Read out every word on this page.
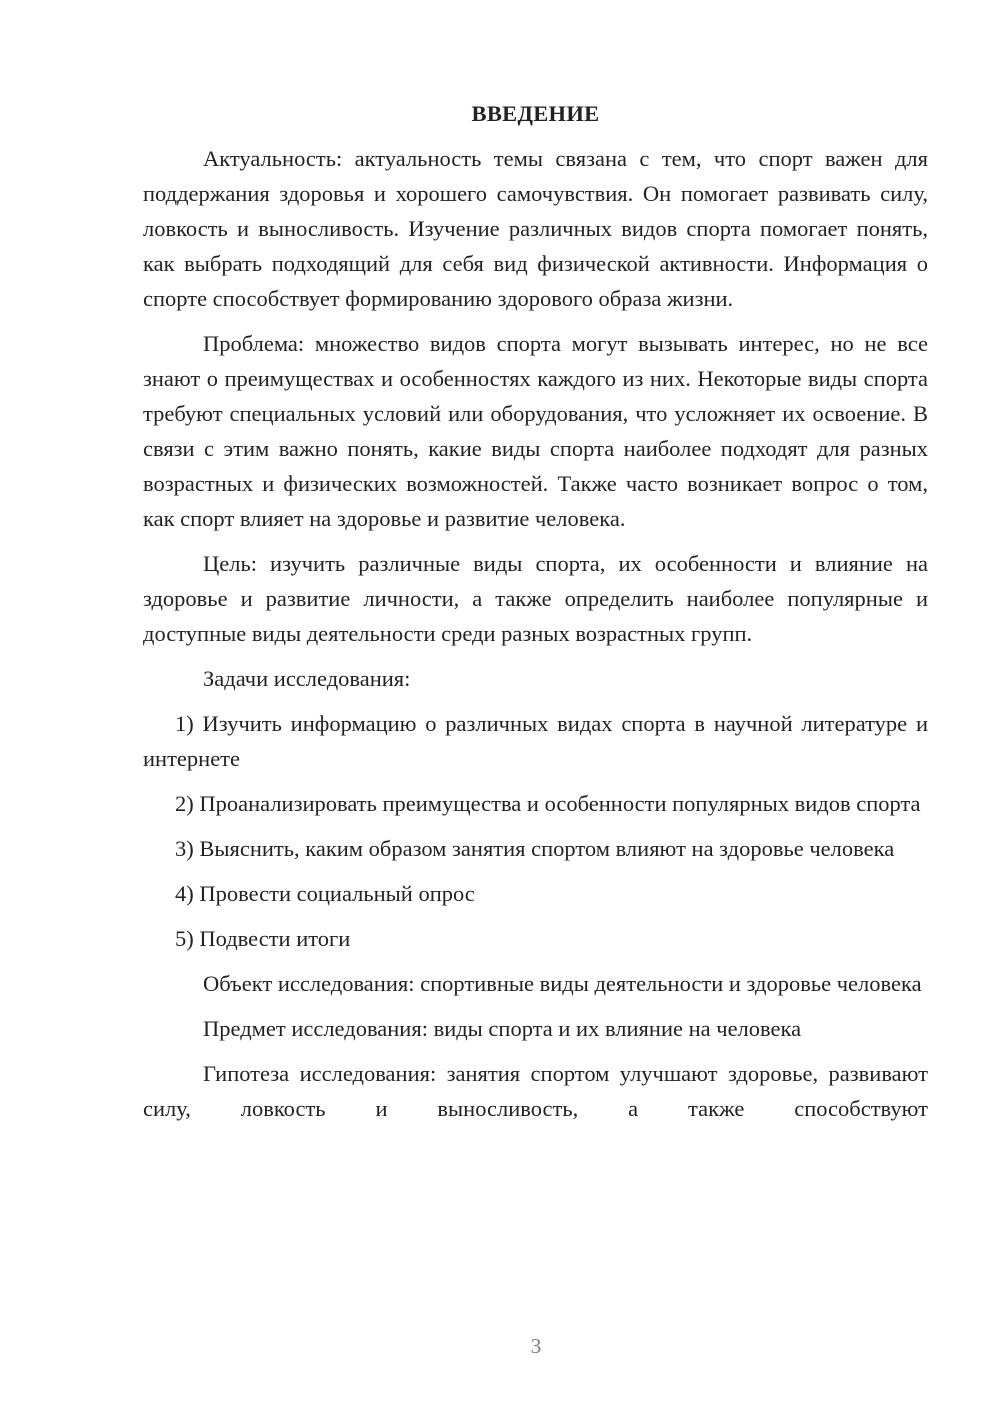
ВВЕДЕНИЕ

Актуальность: актуальность темы связана с тем, что спорт важен для поддержания здоровья и хорошего самочувствия. Он помогает развивать силу, ловкость и выносливость. Изучение различных видов спорта помогает понять, как выбрать подходящий для себя вид физической активности. Информация о спорте способствует формированию здорового образа жизни.

Проблема: множество видов спорта могут вызывать интерес, но не все знают о преимуществах и особенностях каждого из них. Некоторые виды спорта требуют специальных условий или оборудования, что усложняет их освоение. В связи с этим важно понять, какие виды спорта наиболее подходят для разных возрастных и физических возможностей. Также часто возникает вопрос о том, как спорт влияет на здоровье и развитие человека.

Цель: изучить различные виды спорта, их особенности и влияние на здоровье и развитие личности, а также определить наиболее популярные и доступные виды деятельности среди разных возрастных групп.

Задачи исследования:

1) Изучить информацию о различных видах спорта в научной литературе и интернете

2) Проанализировать преимущества и особенности популярных видов спорта

3) Выяснить, каким образом занятия спортом влияют на здоровье человека

4) Провести социальный опрос

5) Подвести итоги

Объект исследования: спортивные виды деятельности и здоровье человека

Предмет исследования: виды спорта и их влияние на человека

Гипотеза исследования: занятия спортом улучшают здоровье, развивают силу, ловкость и выносливость, а также способствуют

3
